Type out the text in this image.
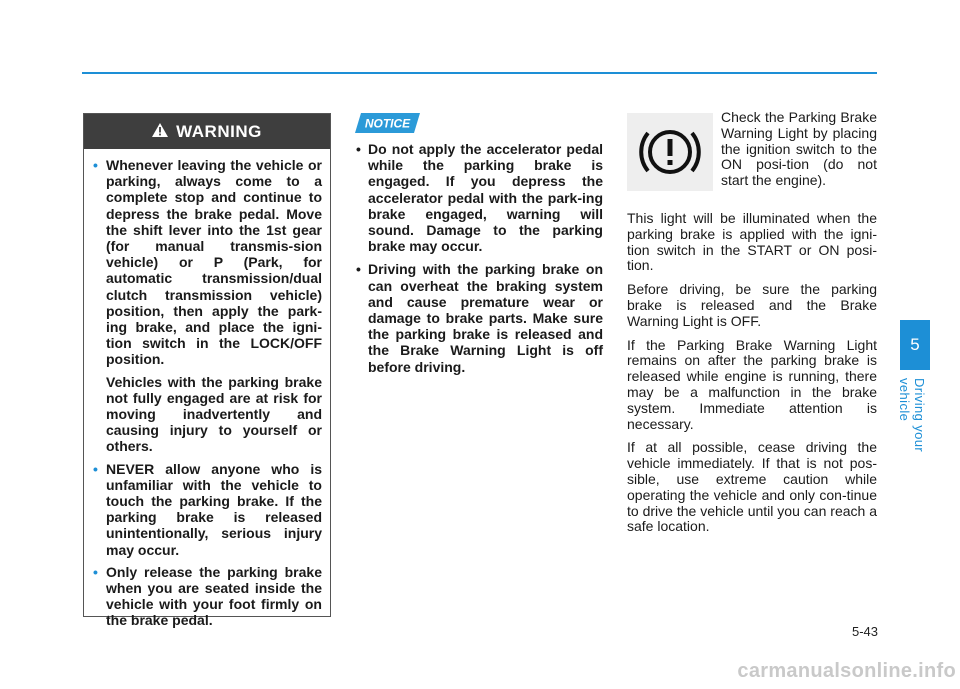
WARNING
• Whenever leaving the vehicle or parking, always come to a complete stop and continue to depress the brake pedal. Move the shift lever into the 1st gear (for manual transmis-sion vehicle) or P (Park, for automatic transmission/dual clutch transmission vehicle) position, then apply the park-ing brake, and place the igni-tion switch in the LOCK/OFF position.

Vehicles with the parking brake not fully engaged are at risk for moving inadvertently and causing injury to yourself or others.

• NEVER allow anyone who is unfamiliar with the vehicle to touch the parking brake. If the parking brake is released unintentionally, serious injury may occur.

• Only release the parking brake when you are seated inside the vehicle with your foot firmly on the brake pedal.

NOTICE
• Do not apply the accelerator pedal while the parking brake is engaged. If you depress the accelerator pedal with the park-ing brake engaged, warning will sound. Damage to the parking brake may occur.
• Driving with the parking brake on can overheat the braking system and cause premature wear or damage to brake parts. Make sure the parking brake is released and the Brake Warning Light is off before driving.
Check the Parking Brake Warning Light by placing the ignition switch to the ON posi-tion (do not start the engine).

This light will be illuminated when the parking brake is applied with the igni-tion switch in the START or ON posi-tion.

Before driving, be sure the parking brake is released and the Brake Warning Light is OFF.

If the Parking Brake Warning Light remains on after the parking brake is released while engine is running, there may be a malfunction in the brake system. Immediate attention is necessary.

If at all possible, cease driving the vehicle immediately. If that is not pos-sible, use extreme caution while operating the vehicle and only con-tinue to drive the vehicle until you can reach a safe location.

5
Driving your vehicle
5-43
carmanualsonline.info
